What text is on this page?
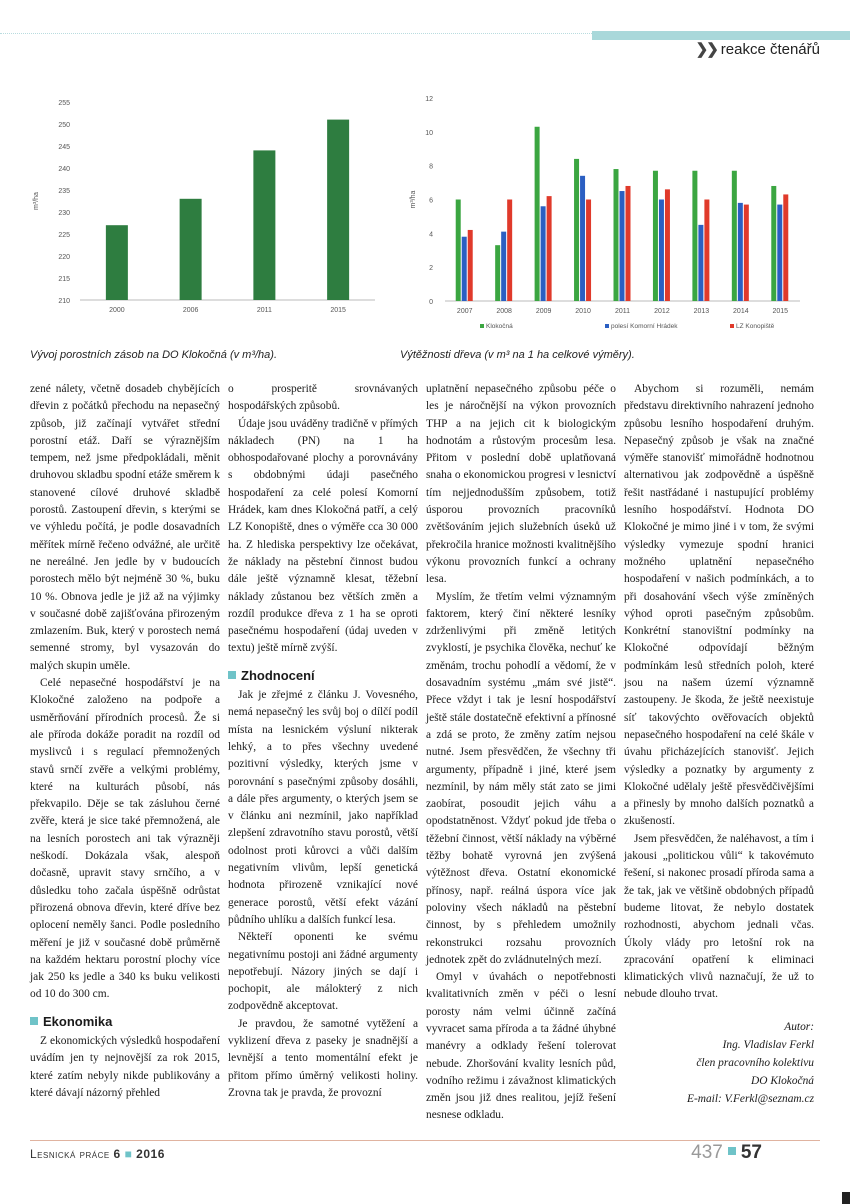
❯❯ reakce čtenářů
210
215
220
225
230
235
240
245
250
255
m³/ha
2000	2006	2011	2015
0
2
4
6
8
10
12
m³/ha
2007	2008	2009	2010	2011	2012	2013	2014	2015
Klokočná	polesí Komorní Hrádek	LZ Konopiště
Vývoj porostních zásob na DO Klokočná (v m³/ha).	Výtěžnosti dřeva (v m³ na 1 ha celkové výměry).

zené nálety, včetně dosadeb chybějících dřevin z počátků přechodu na nepasečný způsob, již začínají vytvářet střední porostní etáž. Daří se výraznějším tempem, než jsme předpokládali, měnit druhovou skladbu spodní etáže směrem k stanovené cílové druhové skladbě porostů. Zastoupení dřevin, s kterými se ve výhledu počítá, je podle dosavadních měřítek mírně řečeno odvážné, ale určitě ne nereálné. Jen jedle by v budoucích porostech mělo být nejméně 30 %, buku 10 %. Obnova jedle je již až na výjimky v současné době zajišťována přirozeným zmlazením. Buk, který v porostech nemá semenné stromy, byl vysazován do malých skupin uměle.

Celé nepasečné hospodářství je na Klokočné založeno na podpoře a usměrňování přírodních procesů. Že si ale příroda dokáže poradit na rozdíl od myslivců i s regulací přemnožených stavů srnčí zvěře a velkými problémy, které na kulturách působí, nás překvapilo. Děje se tak zásluhou černé zvěře, která je sice také přemnožená, ale na lesních porostech ani tak výrazněji neškodí. Dokázala však, alespoň dočasně, upravit stavy srnčího, a v důsledku toho začala úspěšně odrůstat přirozená obnova dřevin, které dříve bez oplocení neměly šanci. Podle posledního měření je již v současné době průměrně na každém hektaru porostní plochy více jak 250 ks jedle a 340 ks buku velikosti od 10 do 300 cm.

Ekonomika

Z ekonomických výsledků hospodaření uvádím jen ty nejnovější za rok 2015, které zatím nebyly nikde publikovány a které dávají názorný přehled

o prosperitě srovnávaných hospodářských způsobů.

Údaje jsou uváděny tradičně v přímých nákladech (PN) na 1 ha obhospodařované plochy a porovnávány s obdobnými údaji pasečného hospodaření za celé polesí Komorní Hrádek, kam dnes Klokočná patří, a celý LZ Konopiště, dnes o výměře cca 30 000 ha. Z hlediska perspektivy lze očekávat, že náklady na pěstební činnost budou dále ještě významně klesat, těžební náklady zůstanou bez větších změn a rozdíl produkce dřeva z 1 ha se oproti pasečnému hospodaření (údaj uveden v textu) ještě mírně zvýší.

Zhodnocení

Jak je zřejmé z článku J. Vovesného, nemá nepasečný les svůj boj o dílčí podíl místa na lesnickém výsluní nikterak lehký, a to přes všechny uvedené pozitivní výsledky, kterých jsme v porovnání s pasečnými způsoby dosáhli, a dále přes argumenty, o kterých jsem se v článku ani nezmínil, jako například zlepšení zdravotního stavu porostů, větší odolnost proti kůrovci a vůči dalším negativním vlivům, lepší genetická hodnota přirozeně vznikající nové generace porostů, větší efekt vázání půdního uhlíku a dalších funkcí lesa.

Někteří oponenti ke svému negativnímu postoji ani žádné argumenty nepotřebují. Názory jiných se dají i pochopit, ale málokterý z nich zodpovědně akceptovat.

Je pravdou, že samotné vytěžení a vyklizení dřeva z paseky je snadnější a levnější a tento momentální efekt je přitom přímo úměrný velikosti holiny. Zrovna tak je pravda, že provozní

uplatnění nepasečného způsobu péče o les je náročnější na výkon provozních THP a na jejich cit k biologickým hodnotám a růstovým procesům lesa. Přitom v poslední době uplatňovaná snaha o ekonomickou progresi v lesnictví tím nejjednodušším způsobem, totiž úsporou provozních pracovníků zvětšováním jejich služebních úseků už překročila hranice možnosti kvalitnějšího výkonu provozních funkcí a ochrany lesa.

Myslím, že třetím velmi významným faktorem, který činí některé lesníky zdrženlivými při změně letitých zvyklostí, je psychika člověka, nechuť ke změnám, trochu pohodlí a vědomí, že v dosavadním systému „mám své jistě“. Přece vždyt i tak je lesní hospodářství ještě stále dostatečně efektivní a přínosné a zdá se proto, že změny zatím nejsou nutné. Jsem přesvědčen, že všechny tři argumenty, případně i jiné, které jsem nezmínil, by nám měly stát zato se jimi zaobírat, posoudit jejich váhu a opodstatněnost. Vždyť pokud jde třeba o těžební činnost, větší náklady na výběrné těžby bohatě vyrovná jen zvýšená výtěžnost dřeva. Ostatní ekonomické přínosy, např. reálná úspora více jak poloviny všech nákladů na pěstební činnost, by s přehledem umožnily rekonstrukci rozsahu provozních jednotek zpět do zvládnutelných mezí.

Omyl v úvahách o nepotřebnosti kvalitativních změn v péči o lesní porosty nám velmi účinně začíná vyvracet sama příroda a ta žádné úhybné manévry a odklady řešení tolerovat nebude. Zhoršování kvality lesních půd, vodního režimu i závažnost klimatických změn jsou již dnes realitou, jejíž řešení nesnese odkladu.

Abychom si rozuměli, nemám představu direktivního nahrazení jednoho způsobu lesního hospodaření druhým. Nepasečný způsob je však na značné výměře stanovišť mimořádně hodnotnou alternativou jak zodpovědně a úspěšně řešit nastřádané i nastupující problémy lesního hospodářství. Hodnota DO Klokočné je mimo jiné i v tom, že svými výsledky vymezuje spodní hranici možného uplatnění nepasečného hospodaření v našich podmínkách, a to při dosahování všech výše zmíněných výhod oproti pasečným způsobům. Konkrétní stanovištní podmínky na Klokočné odpovídají běžným podmínkám lesů středních poloh, které jsou na našem území významně zastoupeny. Je škoda, že ještě neexistuje síť takovýchto ověřovacích objektů nepasečného hospodaření na celé škále v úvahu přicházejících stanovišť. Jejich výsledky a poznatky by argumenty z Klokočné udělaly ještě přesvědčivějšími a přinesly by mnoho dalších poznatků a zkušeností.

Jsem přesvědčen, že naléhavost, a tím i jakousi „politickou vůli“ k takovémuto řešení, si nakonec prosadí příroda sama a že tak, jak ve většině obdobných případů budeme litovat, že nebylo dostatek rozhodnosti, abychom jednali včas. Úkoly vlády pro letošní rok na zpracování opatření k eliminaci klimatických vlivů naznačují, že už to nebude dlouho trvat.

Autor:

Ing. Vladislav Ferkl

člen pracovního kolektivu

DO Klokočná

E-mail: V.Ferkl@seznam.cz

Lesnická práce 6 ■ 2016	437 57
